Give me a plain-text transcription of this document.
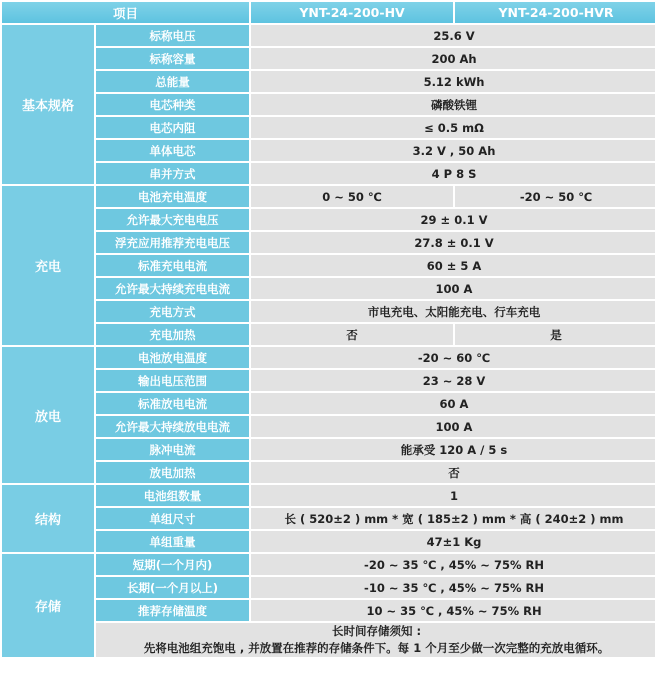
项目		YNT-24-200-HV	YNT-24-200-HVR
基本规格	标称电压	25.6 V	
	标称容量	200 Ah	
	总能量	5.12 kWh	
	电芯种类	磷酸铁锂	
	电芯内阻	≤ 0.5 mΩ	
	单体电芯	3.2 V , 50 Ah	
	串并方式	4 P 8 S	
充电	电池充电温度	0 ~ 50 ℃	-20 ~ 50 ℃
	允许最大充电电压	29 ± 0.1 V	
	浮充应用推荐充电电压	27.8 ± 0.1 V	
	标准充电电流	60 ± 5 A	
	允许最大持续充电电流	100 A	
	充电方式	市电充电、太阳能充电、行车充电	
	充电加热	否	是
放电	电池放电温度	-20 ~ 60 ℃	
	输出电压范围	23 ~ 28 V	
	标准放电电流	60 A	
	允许最大持续放电电流	100 A	
	脉冲电流	能承受 120 A / 5 s	
	放电加热	否	
结构	电池组数量	1	
	单组尺寸	长 ( 520±2 ) mm * 宽 ( 185±2 ) mm * 高 ( 240±2 ) mm	
	单组重量	47±1 Kg	
存储	短期(一个月内)	-20 ~ 35 ℃ , 45% ~ 75% RH	
	长期(一个月以上)	-10 ~ 35 ℃ , 45% ~ 75% RH	
	推荐存储温度	10 ~ 35 ℃ , 45% ~ 75% RH	

	长时间存储须知 :
先将电池组充饱电 , 并放置在推荐的存储条件下。每 1 个月至少做一次完整的充放电循环。		
